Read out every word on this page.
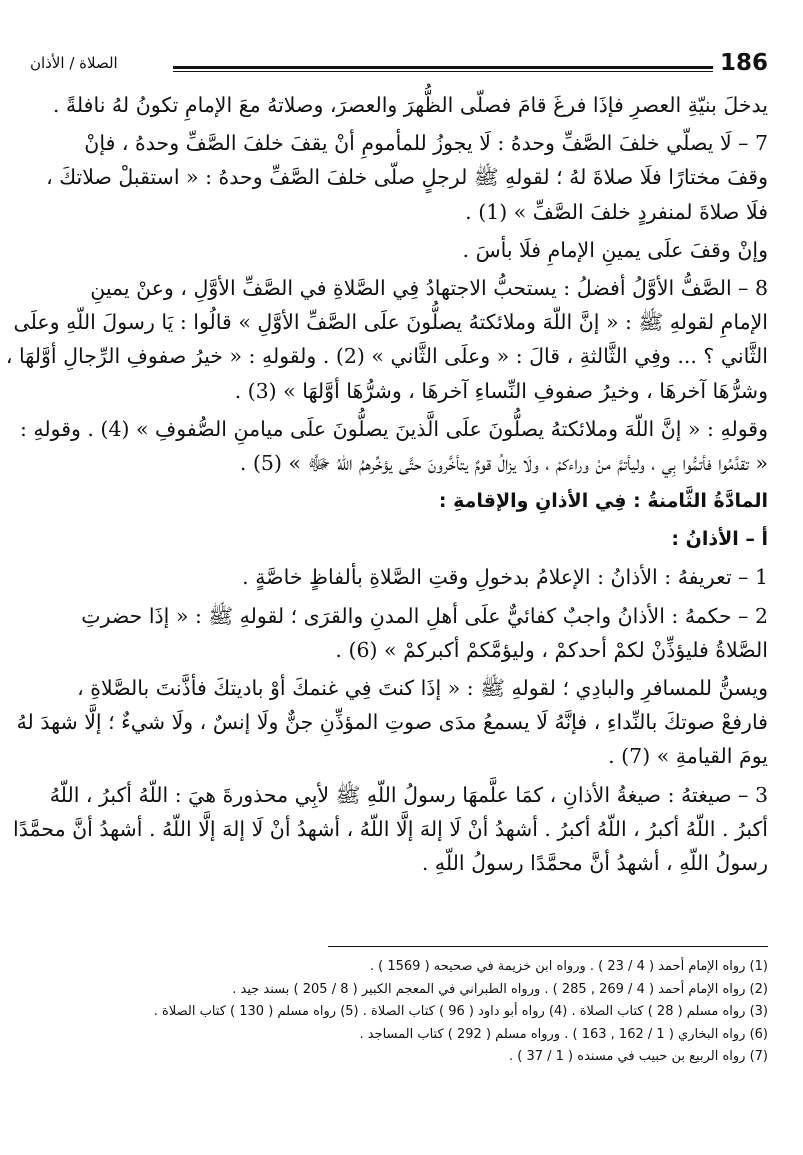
186
الصلاة / الأذان
يدخلَ بنيّةِ العصرِ فإذَا فرغَ قامَ فصلّى الظُّهرَ والعصرَ، وصلاتهُ معَ الإمامِ تكونُ لهُ نافلةً .
7 – لَا يصلّي خلفَ الصَّفِّ وحدهُ : لَا يجوزُ للمأمومِ أنْ يقفَ خلفَ الصَّفِّ وحدهُ ، فإنْ
وقفَ مختارًا فلَا صلاةَ لهُ ؛ لقولهِ ﷺ لرجلٍ صلّى خلفَ الصَّفِّ وحدهُ : « استقبلْ صلاتكَ ،
فلَا صلاةَ لمنفردٍ خلفَ الصَّفِّ » (1) .
وإنْ وقفَ علَى يمينِ الإمامِ فلَا بأسَ .
8 – الصَّفُّ الأوَّلُ أفضلُ : يستحبُّ الاجتهادُ فِي الصَّلاةِ في الصَّفِّ الأوَّلِ ، وعنْ يمينِ
الإمامِ لقولهِ ﷺ : « إنَّ اللّهَ وملائكتهُ يصلُّونَ علَى الصَّفِّ الأوَّلِ » قالُوا : يَا رسولَ اللّهِ وعلَى
الثَّاني ؟ ... وفِي الثَّالثةِ ، قالَ : « وعلَى الثَّاني » (2) . ولقولهِ : « خيرُ صفوفِ الرِّجالِ أوَّلهَا ،
وشرُّهَا آخرهَا ، وخيرُ صفوفِ النِّساءِ آخرهَا ، وشرُّهَا أوَّلهَا » (3) .
وقولهِ : « إنَّ اللّهَ وملائكتهُ يصلُّونَ علَى الَّذينَ يصلُّونَ علَى ميامنِ الصُّفوفِ » (4) . وقولهِ :
« تقدَّمُوا فأتمُّوا بِي ، وليأتمَّ منْ وراءكمْ ، ولَا يزالُ قومٌ يتأخَّرونَ حتَّى يؤخِّرهمُ اللّهُ ﷻ » (5) .
المادَّةُ الثَّامنةُ : فِي الأذانِ والإقامةِ :
أ – الأذانُ :
1 – تعريفهُ : الأذانُ : الإعلامُ بدخولِ وقتِ الصَّلاةِ بألفاظٍ خاصَّةٍ .
2 – حكمهُ : الأذانُ واجبٌ كفائيٌّ علَى أهلِ المدنِ والقرَى ؛ لقولهِ ﷺ : « إذَا حضرتِ
الصَّلاةُ فليؤذِّنْ لكمْ أحدكمْ ، وليؤمَّكمْ أكبركمْ » (6) .
ويسنُّ للمسافرِ والبادِي ؛ لقولهِ ﷺ : « إذَا كنتَ فِي غنمكَ أوْ باديتكَ فأذَّنتَ بالصَّلاةِ ،
فارفعْ صوتكَ بالنِّداءِ ، فإنَّهُ لَا يسمعُ مدَى صوتِ المؤذِّنِ جنٌّ ولَا إنسٌ ، ولَا شيءٌ ؛ إلَّا شهدَ لهُ
يومَ القيامةِ » (7) .
3 – صيغتهُ : صيغةُ الأذانِ ، كمَا علَّمهَا رسولُ اللّهِ ﷺ لأبِي محذورةَ هيَ : اللّهُ أكبرُ ، اللّهُ
أكبرُ . اللّهُ أكبرُ ، اللّهُ أكبرُ . أشهدُ أنْ لَا إلهَ إلَّا اللّهُ ، أشهدُ أنْ لَا إلهَ إلَّا اللّهُ . أشهدُ أنَّ محمَّدًا
رسولُ اللّهِ ، أشهدُ أنَّ محمَّدًا رسولُ اللّهِ .
(1) رواه الإمام أحمد ( 4 / 23 ) . ورواه ابن خزيمة في صحيحه ( 1569 ) .
(2) رواه الإمام أحمد ( 4 / 269 , 285 ) . ورواه الطبراني في المعجم الكبير ( 8 / 205 ) بسند جيد .
(3) رواه مسلم ( 28 ) كتاب الصلاة . (4) رواه أبو داود ( 96 ) كتاب الصلاة . (5) رواه مسلم ( 130 ) كتاب الصلاة .
(6) رواه البخاري ( 1 / 162 , 163 ) . ورواه مسلم ( 292 ) كتاب المساجد .
(7) رواه الربيع بن حبيب في مسنده ( 1 / 37 ) .
